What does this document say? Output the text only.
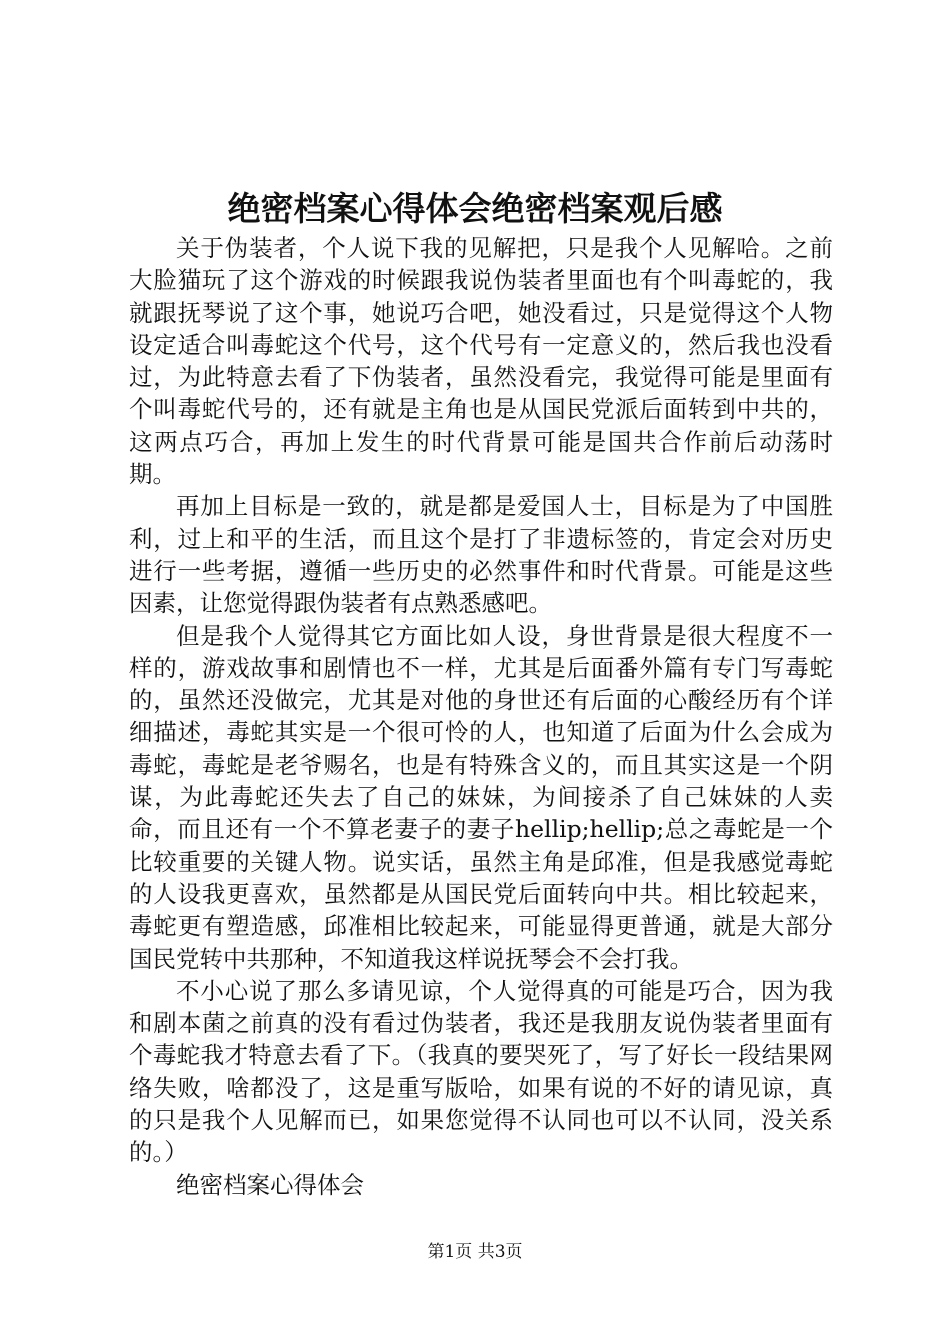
绝密档案心得体会绝密档案观后感

关于伪装者，个人说下我的见解把，只是我个人见解哈。之前大脸猫玩了这个游戏的时候跟我说伪装者里面也有个叫毒蛇的，我就跟抚琴说了这个事，她说巧合吧，她没看过，只是觉得这个人物设定适合叫毒蛇这个代号，这个代号有一定意义的，然后我也没看过，为此特意去看了下伪装者，虽然没看完，我觉得可能是里面有个叫毒蛇代号的，还有就是主角也是从国民党派后面转到中共的，这两点巧合，再加上发生的时代背景可能是国共合作前后动荡时期。

再加上目标是一致的，就是都是爱国人士，目标是为了中国胜利，过上和平的生活，而且这个是打了非遗标签的，肯定会对历史进行一些考据，遵循一些历史的必然事件和时代背景。可能是这些因素，让您觉得跟伪装者有点熟悉感吧。

但是我个人觉得其它方面比如人设，身世背景是很大程度不一样的，游戏故事和剧情也不一样，尤其是后面番外篇有专门写毒蛇的，虽然还没做完，尤其是对他的身世还有后面的心酸经历有个详细描述，毒蛇其实是一个很可怜的人，也知道了后面为什么会成为毒蛇，毒蛇是老爷赐名，也是有特殊含义的，而且其实这是一个阴谋，为此毒蛇还失去了自己的妹妹，为间接杀了自己妹妹的人卖命，而且还有一个不算老妻子的妻子hellip;hellip;总之毒蛇是一个比较重要的关键人物。说实话，虽然主角是邱准，但是我感觉毒蛇的人设我更喜欢，虽然都是从国民党后面转向中共。相比较起来，毒蛇更有塑造感，邱准相比较起来，可能显得更普通，就是大部分国民党转中共那种，不知道我这样说抚琴会不会打我。

不小心说了那么多请见谅，个人觉得真的可能是巧合，因为我和剧本菌之前真的没有看过伪装者，我还是我朋友说伪装者里面有个毒蛇我才特意去看了下。（我真的要哭死了，写了好长一段结果网络失败，啥都没了，这是重写版哈，如果有说的不好的请见谅，真的只是我个人见解而已，如果您觉得不认同也可以不认同，没关系的。）

绝密档案心得体会

第1页 共3页
